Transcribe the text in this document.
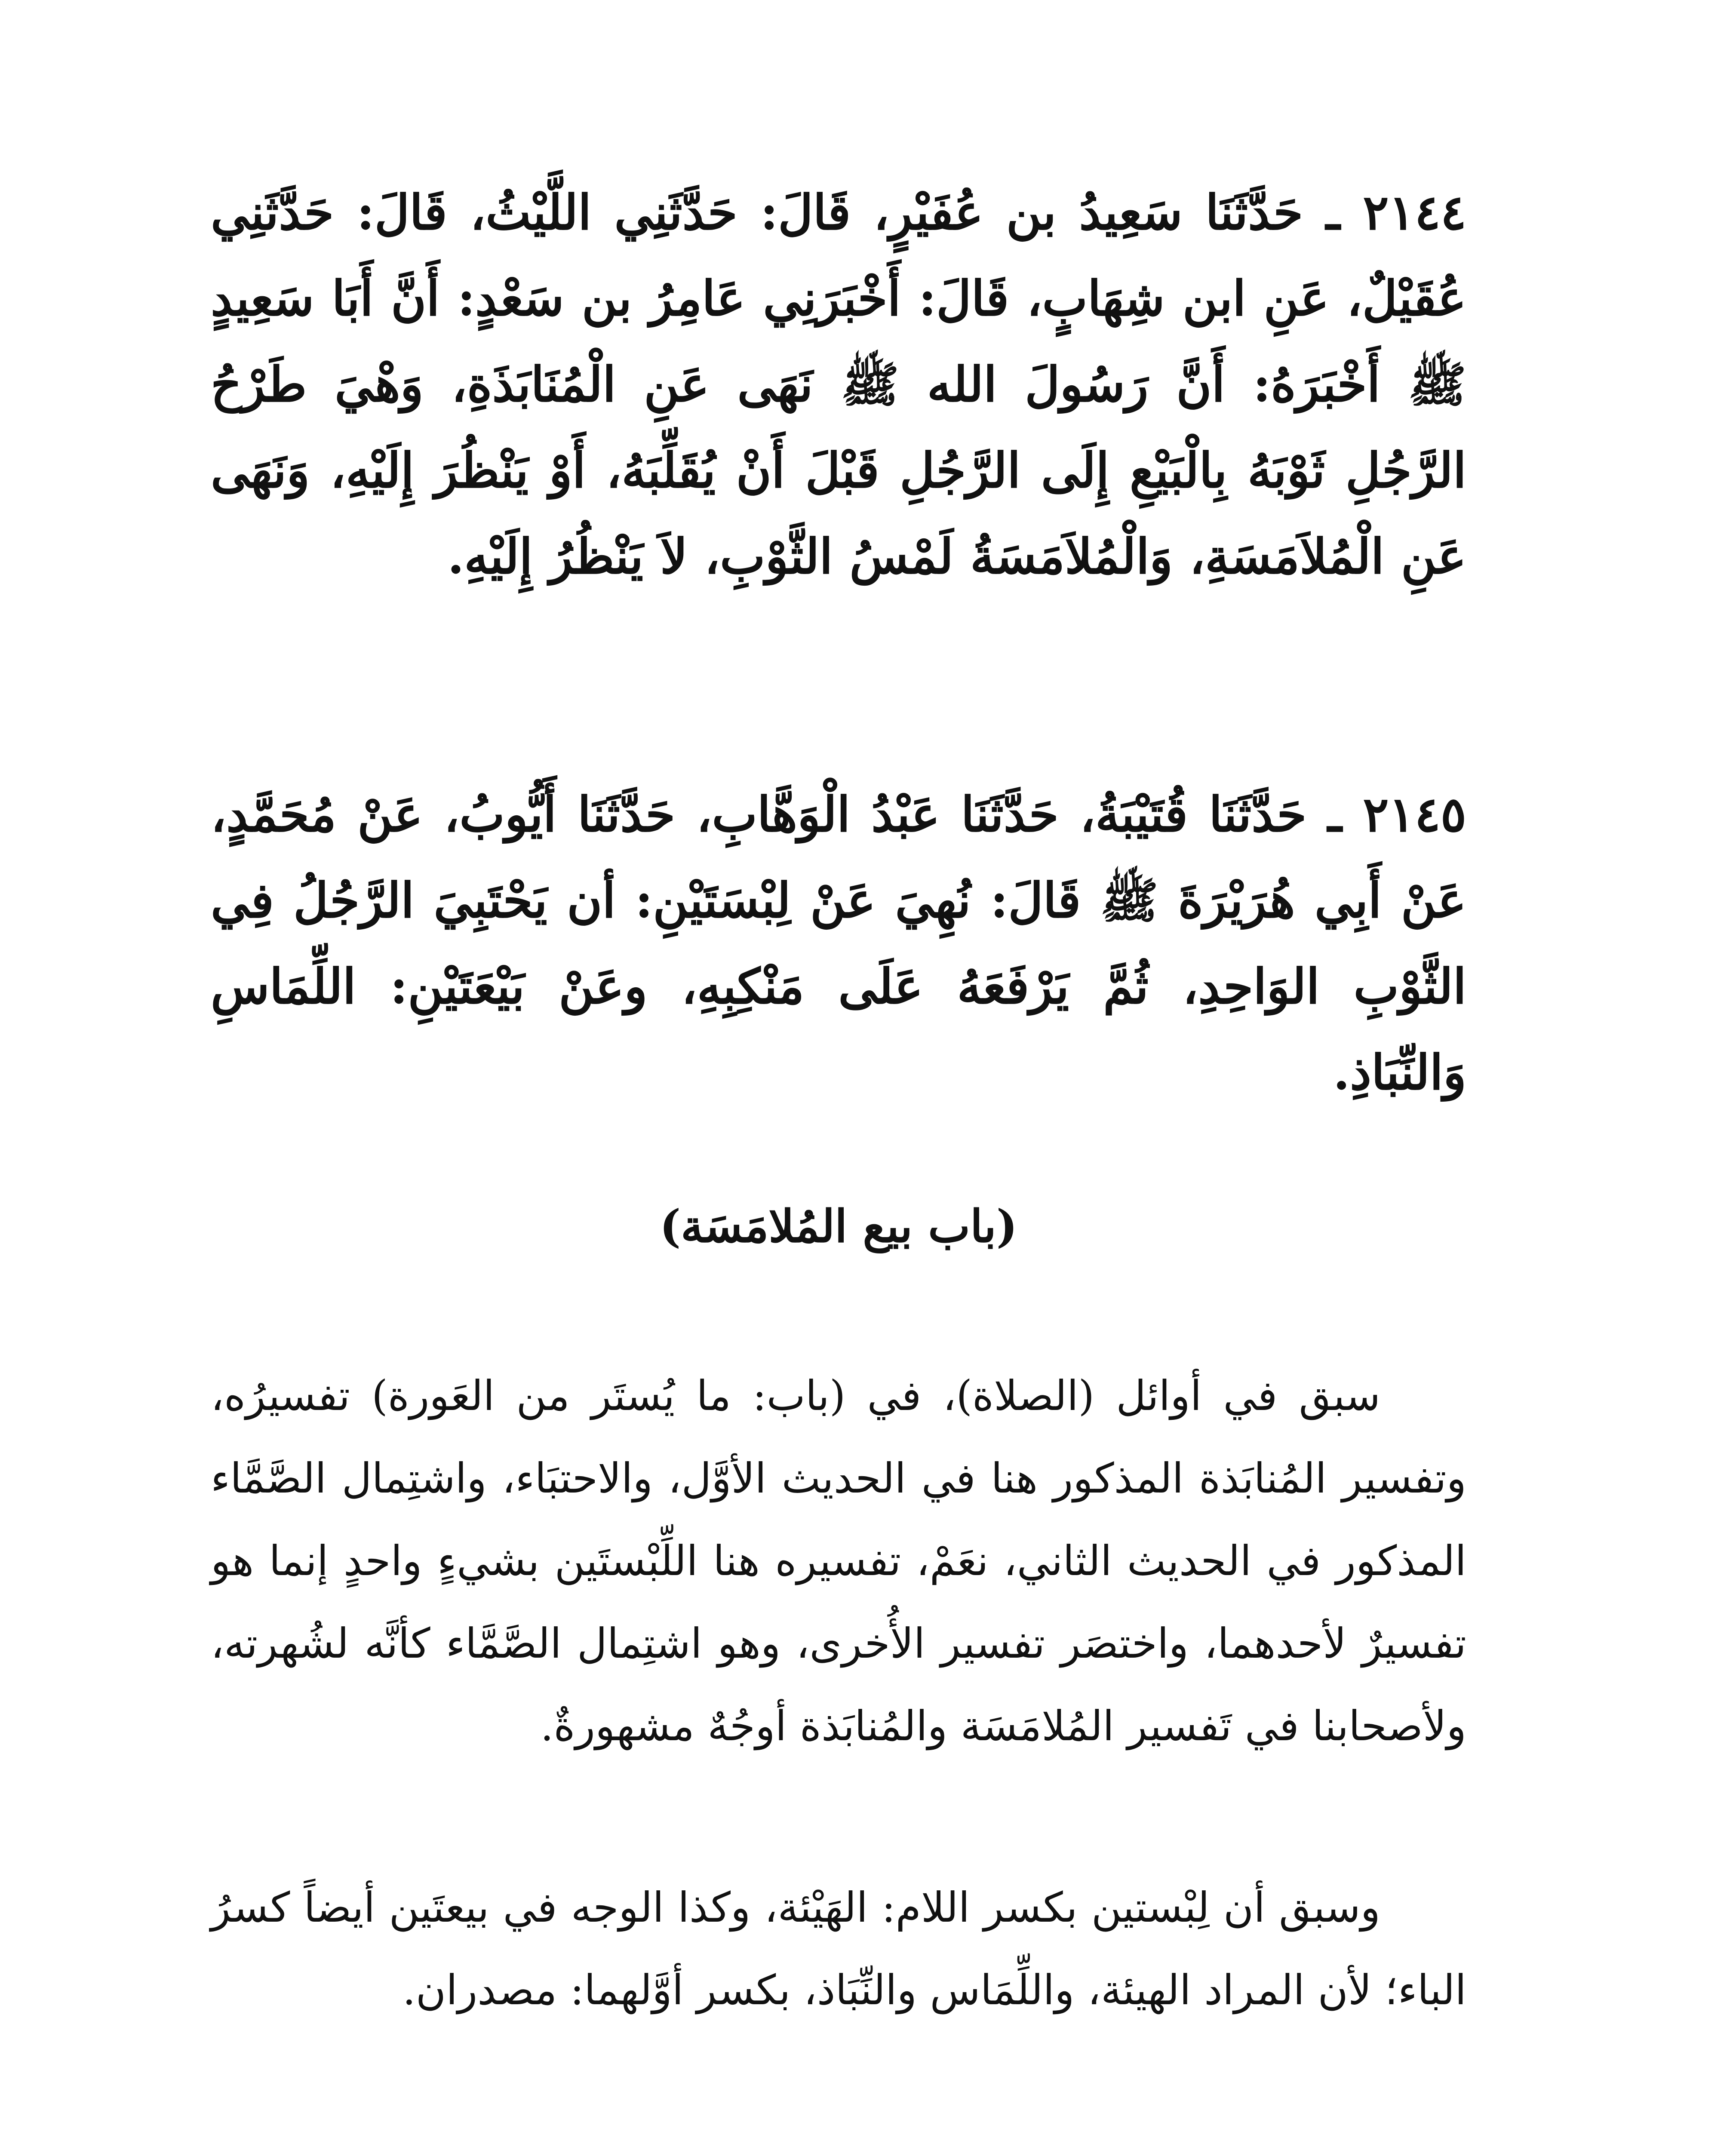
٢١٤٤ ـ حَدَّثَنَا سَعِيدُ بن عُفَيْرٍ، قَالَ: حَدَّثَنِي اللَّيْثُ، قَالَ: حَدَّثَنِي عُقَيْلٌ، عَنِ ابن شِهَابٍ، قَالَ: أَخْبَرَنِي عَامِرُ بن سَعْدٍ: أَنَّ أَبَا سَعِيدٍ ﷺ أَخْبَرَهُ: أَنَّ رَسُولَ الله ﷺ نَهَى عَنِ الْمُنَابَذَةِ، وَهْيَ طَرْحُ الرَّجُلِ ثَوْبَهُ بِالْبَيْعِ إِلَى الرَّجُلِ قَبْلَ أَنْ يُقَلِّبَهُ، أَوْ يَنْظُرَ إِلَيْهِ، وَنَهَى عَنِ الْمُلاَمَسَةِ، وَالْمُلاَمَسَةُ لَمْسُ الثَّوْبِ، لاَ يَنْظُرُ إِلَيْهِ.

٢١٤٥ ـ حَدَّثَنَا قُتَيْبَةُ، حَدَّثَنَا عَبْدُ الْوَهَّابِ، حَدَّثَنَا أَيُّوبُ، عَنْ مُحَمَّدٍ، عَنْ أَبِي هُرَيْرَةَ ﷺ قَالَ: نُهِيَ عَنْ لِبْسَتَيْنِ: أن يَحْتَبِيَ الرَّجُلُ فِي الثَّوْبِ الوَاحِدِ، ثُمَّ يَرْفَعَهُ عَلَى مَنْكِبِهِ، وعَنْ بَيْعَتَيْنِ: اللِّمَاسِ وَالنِّبَاذِ.

(باب بيع المُلامَسَة)

سبق في أوائل (الصلاة)، في (باب: ما يُستَر من العَورة) تفسيرُه، وتفسير المُنابَذة المذكور هنا في الحديث الأوَّل، والاحتبَاء، واشتِمال الصَّمَّاء المذكور في الحديث الثاني، نعَمْ، تفسيره هنا اللِّبْستَين بشيءٍ واحدٍ إنما هو تفسيرٌ لأحدهما، واختصَر تفسير الأُخرى، وهو اشتِمال الصَّمَّاء كأنَّه لشُهرته، ولأصحابنا في تَفسير المُلامَسَة والمُنابَذة أوجُهٌ مشهورةٌ.

وسبق أن لِبْستين بكسر اللام: الهَيْئة، وكذا الوجه في بيعتَين أيضاً كسرُ الباء؛ لأن المراد الهيئة، واللِّمَاس والنِّبَاذ، بكسر أوَّلهما: مصدران.
